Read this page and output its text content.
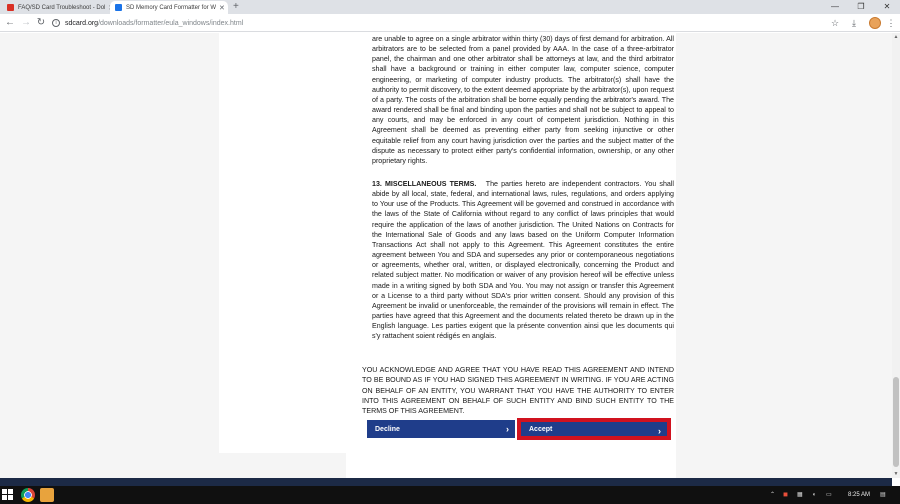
FAQ/SD Card Troubleshoot - Dol	SD Memory Card Formatter for W ✕ +	—	❐	✕
← → ↻	i	sdcard.org /downloads/formatter/eula_windows/index.html	☆	⤓	⋮

are unable to agree on a single arbitrator within thirty (30) days of first demand for arbitration. All arbitrators are to be selected from a panel provided by AAA. In the case of a three-arbitrator panel, the chairman and one other arbitrator shall be attorneys at law, and the third arbitrator shall have a background or training in either computer law, computer science, computer engineering, or marketing of computer industry products. The arbitrator(s) shall have the authority to permit discovery, to the extent deemed appropriate by the arbitrator(s), upon request of a party. The costs of the arbitration shall be borne equally pending the arbitrator's award. The award rendered shall be final and binding upon the parties and shall not be subject to appeal to any courts, and may be enforced in any court of competent jurisdiction. Nothing in this Agreement shall be deemed as preventing either party from seeking injunctive or other equitable relief from any court having jurisdiction over the parties and the subject matter of the dispute as necessary to protect either party's confidential information, ownership, or any other proprietary rights.

13. MISCELLANEOUS TERMS. The parties hereto are independent contractors. You shall abide by all local, state, federal, and international laws, rules, regulations, and orders applying to Your use of the Products. This Agreement will be governed and construed in accordance with the laws of the State of California without regard to any conflict of laws principles that would require the application of the laws of another jurisdiction. The United Nations on Contracts for the International Sale of Goods and any laws based on the Uniform Computer Information Transactions Act shall not apply to this Agreement. This Agreement constitutes the entire agreement between You and SDA and supersedes any prior or contemporaneous negotiations or agreements, whether oral, written, or displayed electronically, concerning the Product and related subject matter. No modification or waiver of any provision hereof will be effective unless made in a writing signed by both SDA and You. You may not assign or transfer this Agreement or a License to a third party without SDA's prior written consent. Should any provision of this Agreement be invalid or unenforceable, the remainder of the provisions will remain in effect. The parties have agreed that this Agreement and the documents related thereto be drawn up in the English language. Les parties exigent que la présente convention ainsi que les documents qui s'y rattachent soient rédigés en anglais.

YOU ACKNOWLEDGE AND AGREE THAT YOU HAVE READ THIS AGREEMENT AND INTEND TO BE BOUND AS IF YOU HAD SIGNED THIS AGREEMENT IN WRITING. IF YOU ARE ACTING ON BEHALF OF AN ENTITY, YOU WARRANT THAT YOU HAVE THE AUTHORITY TO ENTER INTO THIS AGREEMENT ON BEHALF OF SUCH ENTITY AND BIND SUCH ENTITY TO THE TERMS OF THIS AGREEMENT.

Decline	›	Accept	›
▲
▼
⌃ ◼ ▦ ◖ ▭	8:25 AM ▤
